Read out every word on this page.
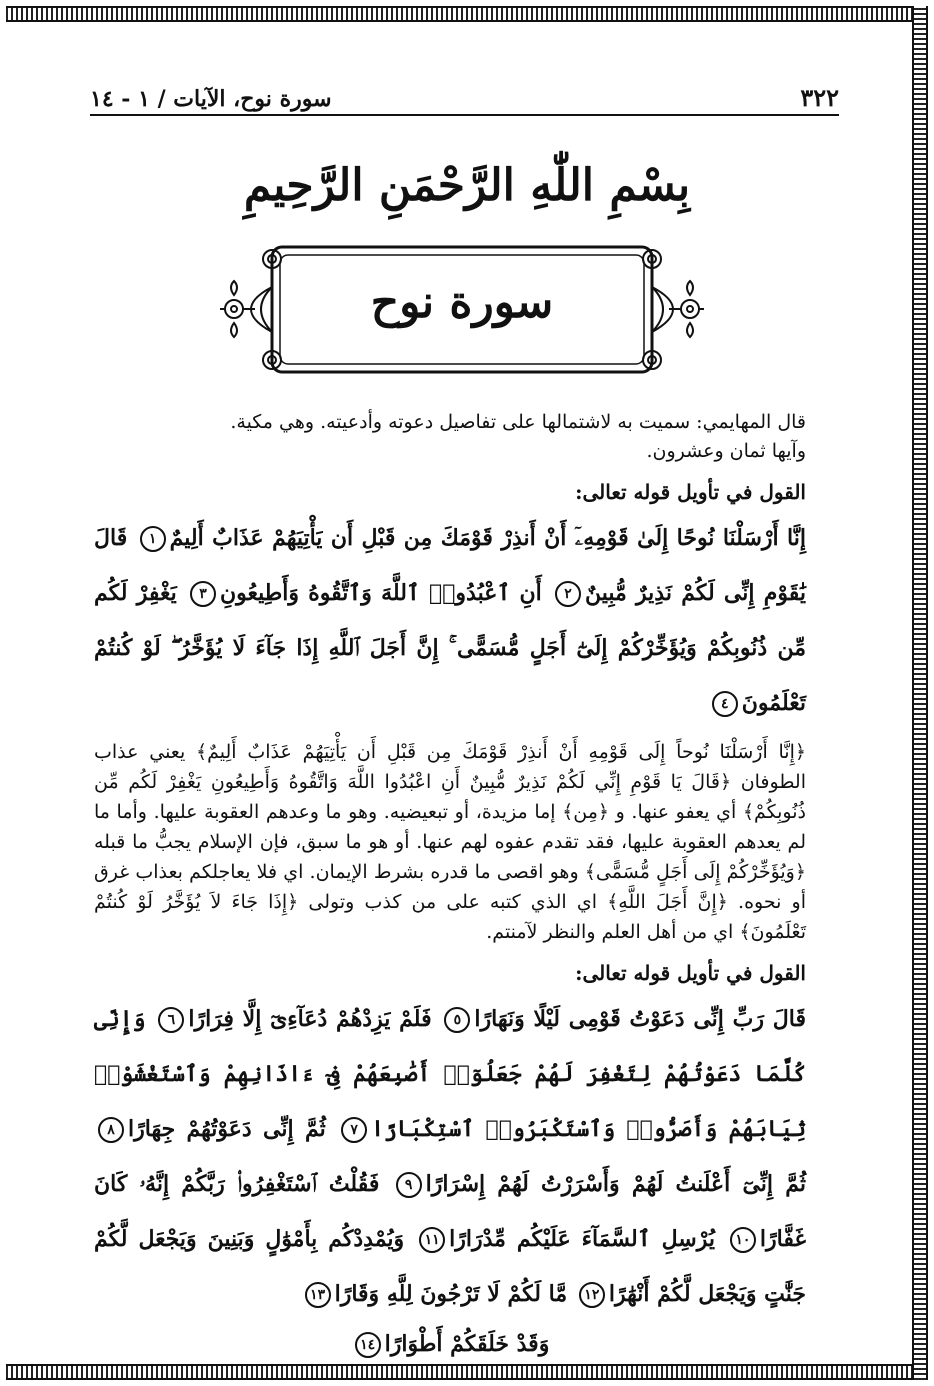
٣٢٢
سورة نوح، الآيات / ١ - ١٤
بِسْمِ اللّٰهِ الرَّحْمَنِ الرَّحِيمِ
سورة نوح

قال المهايمي: سميت به لاشتمالها على تفاصيل دعوته وأدعيته. وهي مكية.

وآيها ثمان وعشرون.

القول في تأويل قوله تعالى:

إِنَّا أَرْسَلْنَا نُوحًا إِلَىٰ قَوْمِهِۦٓ أَنْ أَنذِرْ قَوْمَكَ مِن قَبْلِ أَن يَأْتِيَهُمْ عَذَابٌ أَلِيمٌ١ قَالَ يَٰقَوْمِ إِنِّى لَكُمْ نَذِيرٌ مُّبِينٌ٢ أَنِ ٱعْبُدُوا۟ ٱللَّهَ وَٱتَّقُوهُ وَأَطِيعُونِ٣ يَغْفِرْ لَكُم مِّن ذُنُوبِكُمْ وَيُؤَخِّرْكُمْ إِلَىٰٓ أَجَلٍ مُّسَمًّى ۚ إِنَّ أَجَلَ ٱللَّهِ إِذَا جَآءَ لَا يُؤَخَّرُ ۖ لَوْ كُنتُمْ تَعْلَمُونَ٤

﴿إِنَّا أَرْسَلْنَا نُوحاً إِلَى قَوْمِهِ أَنْ أَنذِرْ قَوْمَكَ مِن قَبْلِ أَن يَأْتِيَهُمْ عَذَابٌ أَلِيمٌ﴾ يعني عذاب الطوفان ﴿قَالَ يَا قَوْمِ إِنِّي لَكُمْ نَذِيرٌ مُّبِينٌ أَنِ اعْبُدُوا اللَّهَ وَاتَّقُوهُ وَأَطِيعُونِ يَغْفِرْ لَكُم مِّن ذُنُوبِكُمْ﴾ أي يعفو عنها. و ﴿مِن﴾ إما مزيدة، أو تبعيضيه. وهو ما وعدهم العقوبة عليها. وأما ما لم يعدهم العقوبة عليها، فقد تقدم عفوه لهم عنها. أو هو ما سبق، فإن الإسلام يجبُّ ما قبله ﴿وَيُؤَخِّرْكُمْ إِلَى أَجَلٍ مُّسَمًّى﴾ وهو اقصى ما قدره بشرط الإيمان. اي فلا يعاجلكم بعذاب غرق أو نحوه. ﴿إِنَّ أَجَلَ اللَّهِ﴾ اي الذي كتبه على من كذب وتولى ﴿إِذَا جَاءَ لاَ يُؤَخَّرُ لَوْ كُنتُمْ تَعْلَمُونَ﴾ اي من أهل العلم والنظر لآمنتم.

القول في تأويل قوله تعالى:

قَالَ رَبِّ إِنِّى دَعَوْتُ قَوْمِى لَيْلًا وَنَهَارًا٥ فَلَمْ يَزِدْهُمْ دُعَآءِىٓ إِلَّا فِرَارًا٦ وَإِنِّى كُلَّمَا دَعَوْتُهُمْ لِتَغْفِرَ لَهُمْ جَعَلُوٓا۟ أَصَٰبِعَهُمْ فِىٓ ءَاذَانِهِمْ وَٱسْتَغْشَوْا۟ ثِيَابَهُمْ وَأَصَرُّوا۟ وَٱسْتَكْبَرُوا۟ ٱسْتِكْبَارًا٧ ثُمَّ إِنِّى دَعَوْتُهُمْ جِهَارًا٨ ثُمَّ إِنِّىٓ أَعْلَنتُ لَهُمْ وَأَسْرَرْتُ لَهُمْ إِسْرَارًا٩ فَقُلْتُ ٱسْتَغْفِرُوا۟ رَبَّكُمْ إِنَّهُۥ كَانَ غَفَّارًا١٠ يُرْسِلِ ٱلسَّمَآءَ عَلَيْكُم مِّدْرَارًا١١ وَيُمْدِدْكُم بِأَمْوَٰلٍ وَبَنِينَ وَيَجْعَل لَّكُمْ جَنَّٰتٍ وَيَجْعَل لَّكُمْ أَنْهَٰرًا١٢ مَّا لَكُمْ لَا تَرْجُونَ لِلَّهِ وَقَارًا١٣

وَقَدْ خَلَقَكُمْ أَطْوَارًا١٤
